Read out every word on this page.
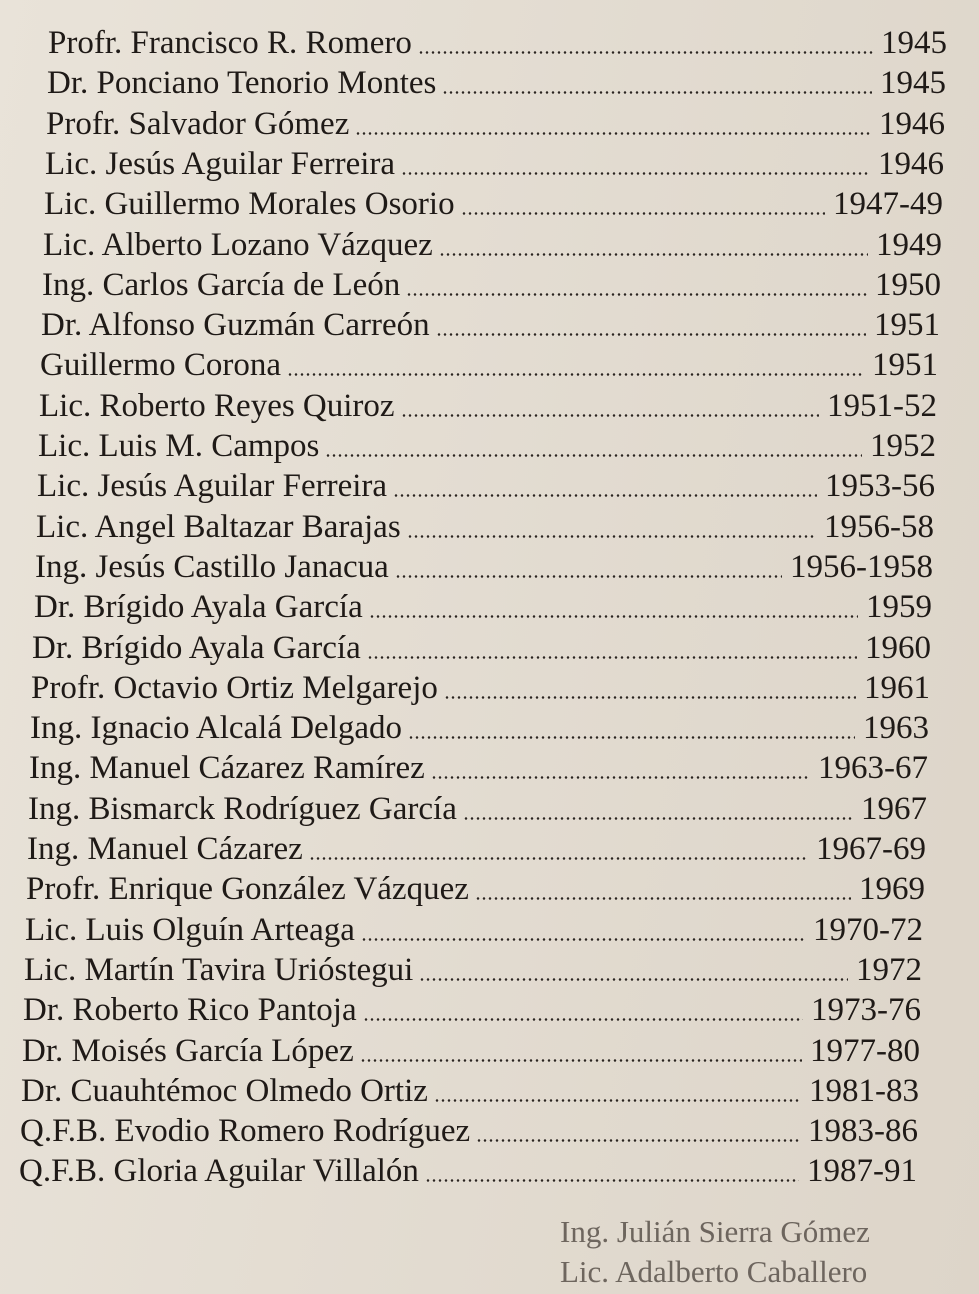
Profr. Francisco R. Romero	1945
Dr. Ponciano Tenorio Montes	1945
Profr. Salvador Gómez	1946
Lic. Jesús Aguilar Ferreira	1946
Lic. Guillermo Morales Osorio	1947-49
Lic. Alberto Lozano Vázquez	1949
Ing. Carlos García de León	1950
Dr. Alfonso Guzmán Carreón	1951
Guillermo Corona	1951
Lic. Roberto Reyes Quiroz	1951-52
Lic. Luis M. Campos	1952
Lic. Jesús Aguilar Ferreira	1953-56
Lic. Angel Baltazar Barajas	1956-58
Ing. Jesús Castillo Janacua	1956-1958
Dr. Brígido Ayala García	1959
Dr. Brígido Ayala García	1960
Profr. Octavio Ortiz Melgarejo	1961
Ing. Ignacio Alcalá Delgado	1963
Ing. Manuel Cázarez Ramírez	1963-67
Ing. Bismarck Rodríguez García	1967
Ing. Manuel Cázarez	1967-69
Profr. Enrique González Vázquez	1969
Lic. Luis Olguín Arteaga	1970-72
Lic. Martín Tavira Urióstegui	1972
Dr. Roberto Rico Pantoja	1973-76
Dr. Moisés García López	1977-80
Dr. Cuauhtémoc Olmedo Ortiz	1981-83
Q.F.B. Evodio Romero Rodríguez	1983-86
Q.F.B. Gloria Aguilar Villalón	1987-91
Ing. Julián Sierra Gómez
Lic. Adalberto Caballero
